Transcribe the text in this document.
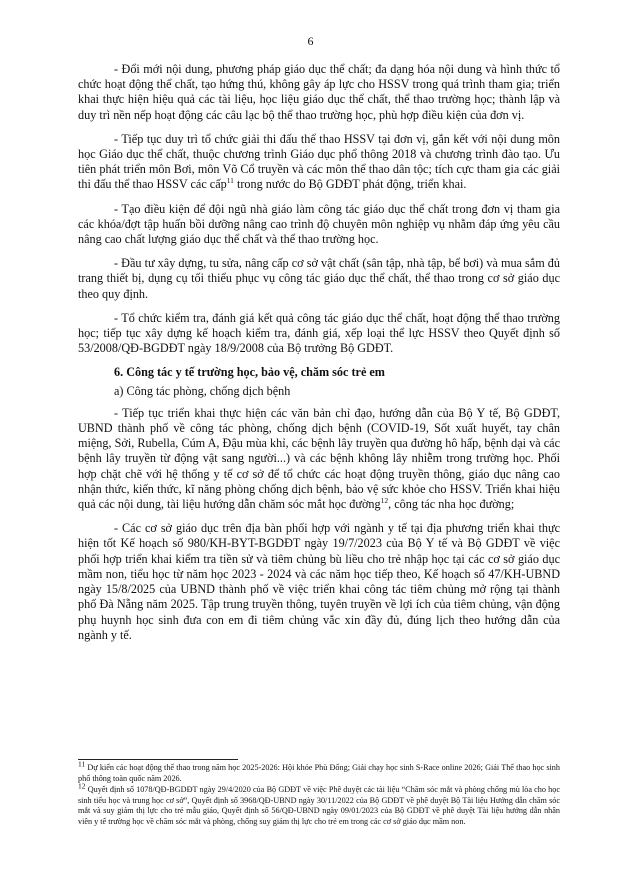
6

- Đổi mới nội dung, phương pháp giáo dục thể chất; đa dạng hóa nội dung và hình thức tổ chức hoạt động thể chất, tạo hứng thú, không gây áp lực cho HSSV trong quá trình tham gia; triển khai thực hiện hiệu quả các tài liệu, học liệu giáo dục thể chất, thể thao trường học; thành lập và duy trì nền nếp hoạt động các câu lạc bộ thể thao trường học, phù hợp điều kiện của đơn vị.

- Tiếp tục duy trì tổ chức giải thi đấu thể thao HSSV tại đơn vị, gắn kết với nội dung môn học Giáo dục thể chất, thuộc chương trình Giáo dục phổ thông 2018 và chương trình đào tạo. Ưu tiên phát triển môn Bơi, môn Võ Cổ truyền và các môn thể thao dân tộc; tích cực tham gia các giải thi đấu thể thao HSSV các cấp$^{11}$ trong nước do Bộ GDĐT phát động, triển khai.

- Tạo điều kiện để đội ngũ nhà giáo làm công tác giáo dục thể chất trong đơn vị tham gia các khóa/đợt tập huấn bồi dưỡng nâng cao trình độ chuyên môn nghiệp vụ nhằm đáp ứng yêu cầu nâng cao chất lượng giáo dục thể chất và thể thao trường học.

- Đầu tư xây dựng, tu sửa, nâng cấp cơ sở vật chất (sân tập, nhà tập, bể bơi) và mua sắm đủ trang thiết bị, dụng cụ tối thiểu phục vụ công tác giáo dục thể chất, thể thao trong cơ sở giáo dục theo quy định.

- Tổ chức kiểm tra, đánh giá kết quả công tác giáo dục thể chất, hoạt động thể thao trường học; tiếp tục xây dựng kế hoạch kiểm tra, đánh giá, xếp loại thể lực HSSV theo Quyết định số 53/2008/QĐ-BGDĐT ngày 18/9/2008 của Bộ trưởng Bộ GDĐT.

6. Công tác y tế trường học, bảo vệ, chăm sóc trẻ em

a) Công tác phòng, chống dịch bệnh

- Tiếp tục triển khai thực hiện các văn bản chỉ đạo, hướng dẫn của Bộ Y tế, Bộ GDĐT, UBND thành phố về công tác phòng, chống dịch bệnh (COVID-19, Sốt xuất huyết, tay chân miệng, Sởi, Rubella, Cúm A, Đậu mùa khỉ, các bệnh lây truyền qua đường hô hấp, bệnh dại và các bệnh lây truyền từ động vật sang người...) và các bệnh không lây nhiễm trong trường học. Phối hợp chặt chẽ với hệ thống y tế cơ sở để tổ chức các hoạt động truyền thông, giáo dục nâng cao nhận thức, kiến thức, kĩ năng phòng chống dịch bệnh, bảo vệ sức khỏe cho HSSV. Triển khai hiệu quả các nội dung, tài liệu hướng dẫn chăm sóc mắt học đường$^{12}$, công tác nha học đường;

- Các cơ sở giáo dục trên địa bàn phối hợp với ngành y tế tại địa phương triển khai thực hiện tốt Kế hoạch số 980/KH-BYT-BGDĐT ngày 19/7/2023 của Bộ Y tế và Bộ GDĐT về việc phối hợp triển khai kiểm tra tiền sử và tiêm chủng bù liều cho trẻ nhập học tại các cơ sở giáo dục mầm non, tiểu học từ năm học 2023 - 2024 và các năm học tiếp theo, Kế hoạch số 47/KH-UBND ngày 15/8/2025 của UBND thành phố về việc triển khai công tác tiêm chủng mở rộng tại thành phố Đà Nẵng năm 2025. Tập trung truyền thông, tuyên truyền về lợi ích của tiêm chủng, vận động phụ huynh học sinh đưa con em đi tiêm chủng vắc xin đầy đủ, đúng lịch theo hướng dẫn của ngành y tế.

$^{11}$ Dự kiến các hoạt động thể thao trong năm học 2025-2026: Hội khỏe Phù Đổng; Giải chạy học sinh S-Race online 2026; Giải Thể thao học sinh phổ thông toàn quốc năm 2026.

$^{12}$ Quyết định số 1078/QĐ-BGDĐT ngày 29/4/2020 của Bộ GDĐT về việc Phê duyệt các tài liệu “Chăm sóc mắt và phòng chống mù lòa cho học sinh tiểu học và trung học cơ sở”, Quyết định số 3968/QĐ-UBND ngày 30/11/2022 của Bộ GDĐT về phê duyệt Bộ Tài liệu Hướng dẫn chăm sóc mắt và suy giảm thị lực cho trẻ mẫu giáo, Quyết định số 56/QĐ-UBND ngày 09/01/2023 của Bộ GDĐT về phê duyệt Tài liệu hướng dẫn nhân viên y tế trường học về chăm sóc mắt và phòng, chống suy giảm thị lực cho trẻ em trong các cơ sở giáo dục mầm non.
